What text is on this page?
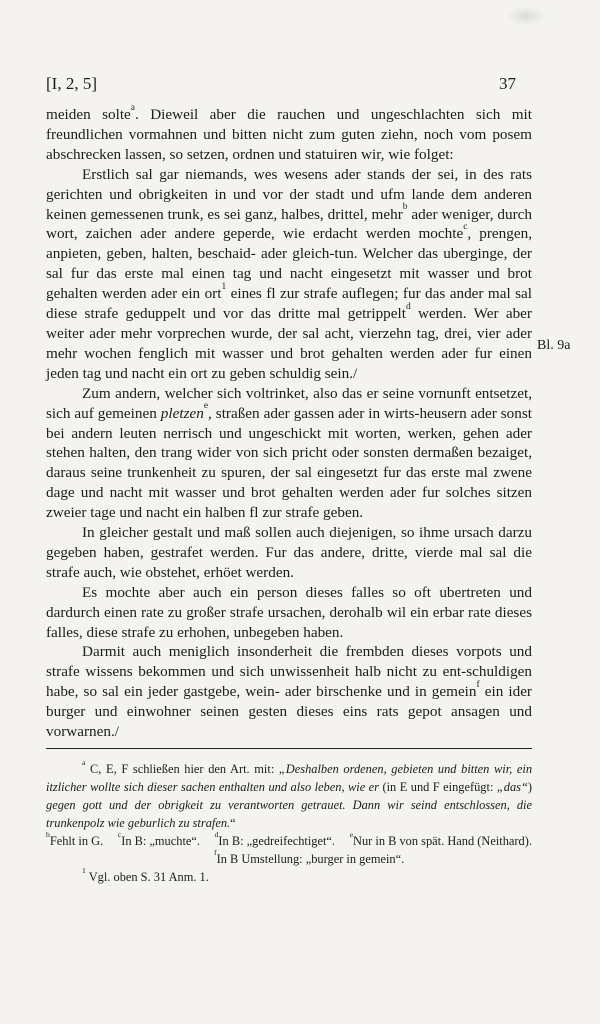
[I, 2, 5]	37
Bl. 9a

meiden solte$^a$. Dieweil aber die rauchen und ungeschlachten sich mit freundlichen vormahnen und bitten nicht zum guten ziehn, noch vom posem abschrecken lassen, so setzen, ordnen und statuiren wir, wie folget:

Erstlich sal gar niemands, wes wesens ader stands der sei, in des rats gerichten und obrigkeiten in und vor der stadt und ufm lande dem anderen keinen gemessenen trunk, es sei ganz, halbes, drittel, mehr$^b$ ader weniger, durch wort, zaichen ader andere geperde, wie erdacht werden mochte$^c$, prengen, anpieten, geben, halten, beschaid- ader gleich-tun. Welcher das uberginge, der sal fur das erste mal einen tag und nacht eingesetzt mit wasser und brot gehalten werden ader ein ort$^1$ eines fl zur strafe auflegen; fur das ander mal sal diese strafe geduppelt und vor das dritte mal getrippelt$^d$ werden. Wer aber weiter ader mehr vorprechen wurde, der sal acht, vierzehn tag, drei, vier ader mehr wochen fenglich mit wasser und brot gehalten werden ader fur einen jeden tag und nacht ein ort zu geben schuldig sein./

Zum andern, welcher sich voltrinket, also das er seine vornunft entsetzet, sich auf gemeinen pletzen$^e$, straßen ader gassen ader in wirts-heusern ader sonst bei andern leuten nerrisch und ungeschickt mit worten, werken, gehen ader stehen halten, den trang wider von sich pricht oder sonsten dermaßen bezaiget, daraus seine trunkenheit zu spuren, der sal eingesetzt fur das erste mal zwene dage und nacht mit wasser und brot gehalten werden ader fur solches sitzen zweier tage und nacht ein halben fl zur strafe geben.

In gleicher gestalt und maß sollen auch diejenigen, so ihme ursach darzu gegeben haben, gestrafet werden. Fur das andere, dritte, vierde mal sal die strafe auch, wie obstehet, erhöet werden.

Es mochte aber auch ein person dieses falles so oft ubertreten und dardurch einen rate zu großer strafe ursachen, derohalb wil ein erbar rate dieses falles, diese strafe zu erhohen, unbegeben haben.

Darmit auch meniglich insonderheit die frembden dieses vorpots und strafe wissens bekommen und sich unwissenheit halb nicht zu ent-schuldigen habe, so sal ein jeder gastgebe, wein- ader birschenke und in gemein$^f$ ein ider burger und einwohner seinen gesten dieses eins rats gepot ansagen und vorwarnen./

$^a$ C, E, F schließen hier den Art. mit: „Deshalben ordenen, gebieten und bitten wir, ein itzlicher wollte sich dieser sachen enthalten und also leben, wie er (in E und F eingefügt: „das“) gegen gott und der obrigkeit zu verantworten getrauet. Dann wir seind entschlossen, die trunkenpolz wie geburlich zu strafen.“

$^b$Fehlt in G. $^c$In B: „muchte“. $^d$In B: „gedreifechtiget“. $^e$Nur in B von spät. Hand (Neithard).

$^f$In B Umstellung: „burger in gemein“.

$^1$ Vgl. oben S. 31 Anm. 1.
